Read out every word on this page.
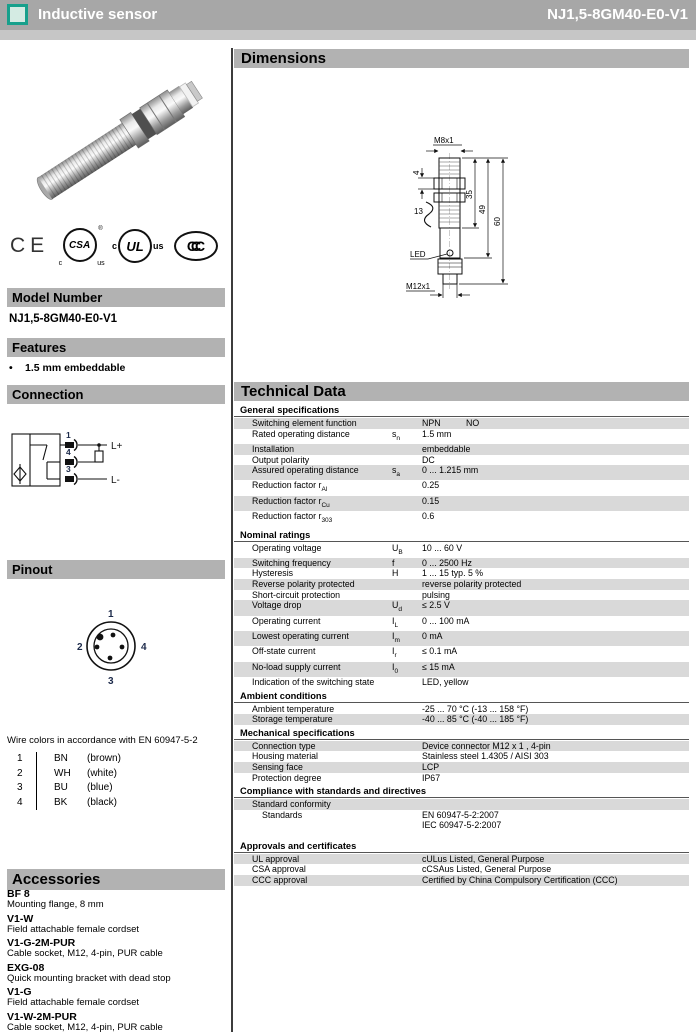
Inductive sensor	NJ1,5-8GM40-E0-V1
CE	CSA
®
c	us
c UL	us	CCC
Model Number
NJ1,5-8GM40-E0-V1
Features
• 1.5 mm embeddable
Connection
1
4
3
L+
L-
Pinout
1
2	4
3
Wire colors in accordance with EN 60947-5-2
1	BN	(brown)
2	WH	(white)
3	BU	(blue)
4	BK	(black)
Accessories
BF 8
Mounting flange, 8 mm
V1-W
Field attachable female cordset
V1-G-2M-PUR
Cable socket, M12, 4-pin, PUR cable
EXG-08
Quick mounting bracket with dead stop
V1-G
Field attachable female cordset
V1-W-2M-PUR
Cable socket, M12, 4-pin, PUR cable
Dimensions
M8x1
35
49
60
4
13
LED
M12x1
Technical Data
General specifications
Switching element function	NPN	NO
Rated operating distance	$s_n$	1.5 mm
Installation	embeddable
Output polarity	DC
Assured operating distance	$s_a$	0 ... 1.215 mm
Reduction factor $r_{Al}$	0.25
Reduction factor $r_{Cu}$	0.15
Reduction factor $r_{303}$	0.6
Nominal ratings
Operating voltage	$U_B$	10 ... 60 V
Switching frequency	f	0 ... 2500 Hz
Hysteresis	H	1 ... 15 typ. 5 %
Reverse polarity protected	reverse polarity protected
Short-circuit protection	pulsing
Voltage drop	$U_d$	≤ 2.5 V
Operating current	$I_L$	0 ... 100 mA
Lowest operating current	$I_m$	0 mA
Off-state current	$I_r$	≤ 0.1 mA
No-load supply current	$I_0$	≤ 15 mA
Indication of the switching state	LED, yellow
Ambient conditions
Ambient temperature	-25 ... 70 °C (-13 ... 158 °F)
Storage temperature	-40 ... 85 °C (-40 ... 185 °F)
Mechanical specifications
Connection type	Device connector M12 x 1 , 4-pin
Housing material	Stainless steel 1.4305 / AISI 303
Sensing face	LCP
Protection degree	IP67
Compliance with standards and directives
Standard conformity
Standards	EN 60947-5-2:2007
IEC 60947-5-2:2007
Approvals and certificates
UL approval	cULus Listed, General Purpose
CSA approval	cCSAus Listed, General Purpose
CCC approval	Certified by China Compulsory Certification (CCC)
